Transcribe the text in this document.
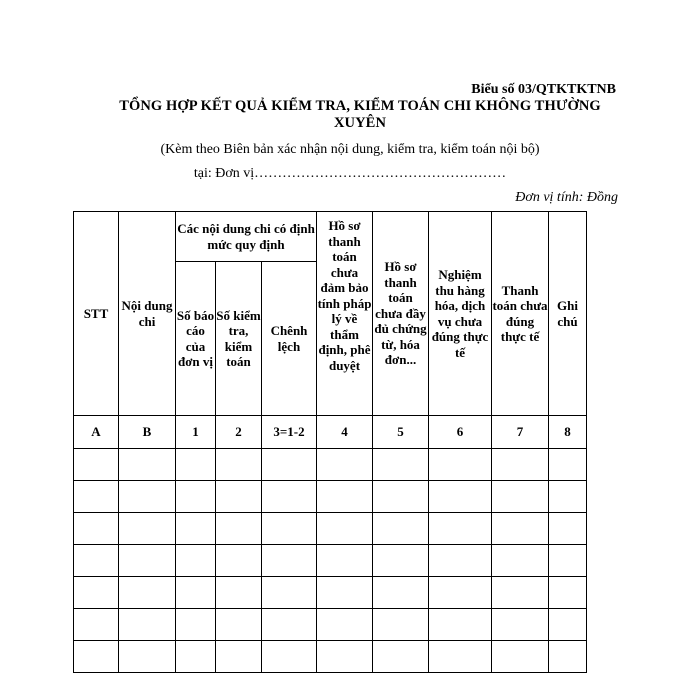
Biểu số 03/QTKTKTNB
TỔNG HỢP KẾT QUẢ KIỂM TRA, KIỂM TOÁN CHI KHÔNG THƯỜNG XUYÊN
(Kèm theo Biên bản xác nhận nội dung, kiểm tra, kiểm toán nội bộ)
tại: Đơn vị………………………………………………
Đơn vị tính: Đồng
STT	Nội dung chi	Các nội dung chi có định mức quy định			Hồ sơ thanh toán chưa đảm bảo tính pháp lý về thẩm định, phê duyệt	Hồ sơ thanh toán chưa đầy đủ chứng từ, hóa đơn...	Nghiệm thu hàng hóa, dịch vụ chưa đúng thực tế	Thanh toán chưa đúng thực tế	Ghi chú
		Số báo cáo của đơn vị	Số kiểm tra, kiểm toán	Chênh lệch					
A	B	1	2	3=1-2	4	5	6	7	8
